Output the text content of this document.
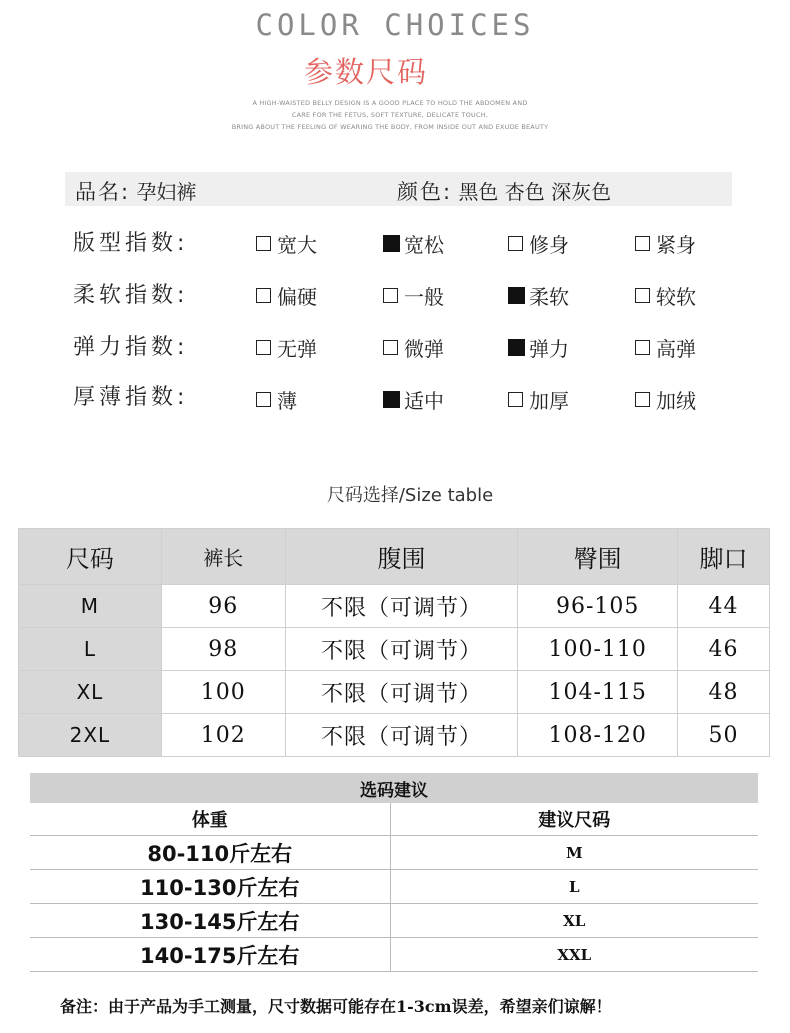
COLOR CHOICES
参数尺码
A HIGH-WAISTED BELLY DESIGN IS A GOOD PLACE TO HOLD THE ABDOMEN AND
CARE FOR THE FETUS, SOFT TEXTURE, DELICATE TOUCH,
BRING ABOUT THE FEELING OF WEARING THE BODY, FROM INSIDE OUT AND EXUDE BEAUTY
品名: 孕妇裤	颜色: 黑色 杏色 深灰色
版型指数:	宽大	宽松	修身	紧身
柔软指数:	偏硬	一般	柔软	较软
弹力指数:	无弹	微弹	弹力	高弹
厚薄指数:	薄	适中	加厚	加绒
尺码选择/Size table
尺码	裤长	腹围	臀围	脚口
M	96	不限（可调节）	96-105	44
L	98	不限（可调节）	100-110	46
XL	100	不限（可调节）	104-115	48
2XL	102	不限（可调节）	108-120	50
选码建议	
体重	建议尺码
80-110斤左右	M
110-130斤左右	L
130-145斤左右	XL
140-175斤左右	XXL
备注：由于产品为手工测量，尺寸数据可能存在1-3cm误差，希望亲们谅解！
